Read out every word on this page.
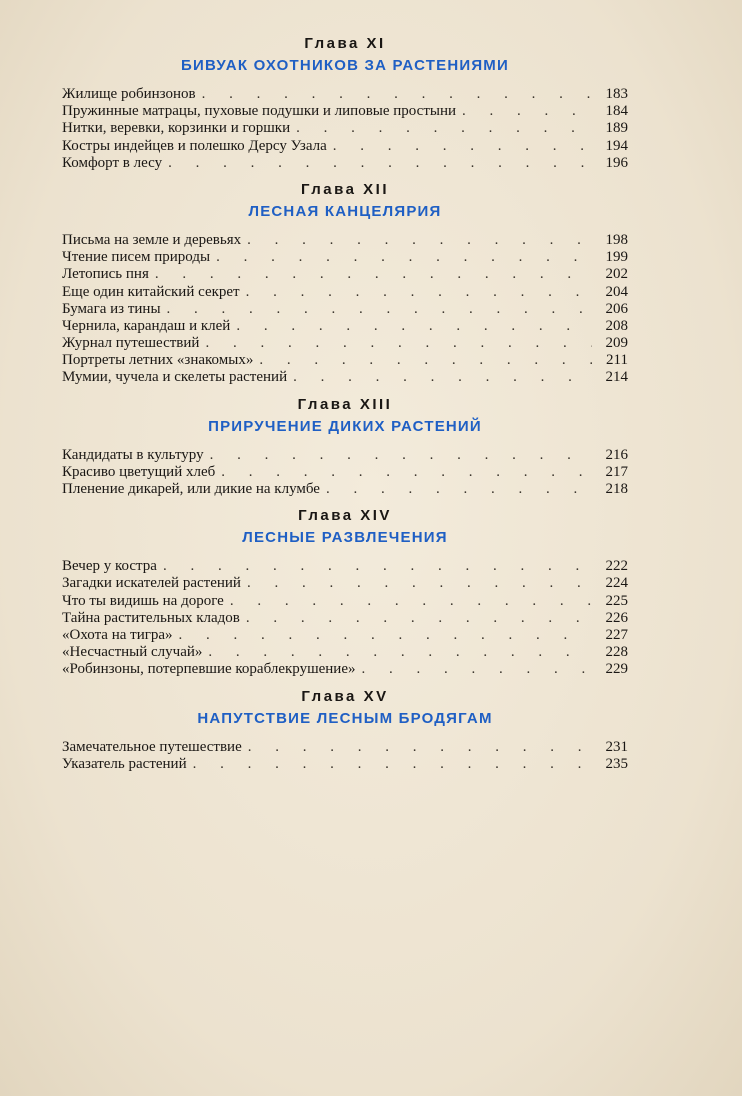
Глава XI
БИВУАК ОХОТНИКОВ ЗА РАСТЕНИЯМИ
Жилище робинзонов . . .	183
Пружинные матрацы, пуховые подушки и липовые простыни . . .	184
Нитки, веревки, корзинки и горшки . . .	189
Костры индейцев и полешко Дерсу Узала . . .	194
Комфорт в лесу . . .	196
Глава XII
ЛЕСНАЯ КАНЦЕЛЯРИЯ
Письма на земле и деревьях . . .	198
Чтение писем природы . . .	199
Летопись пня . . .	202
Еще один китайский секрет . . .	204
Бумага из тины . . .	206
Чернила, карандаш и клей . . .	208
Журнал путешествий . . .	209
Портреты летних «знакомых» . . .	211
Мумии, чучела и скелеты растений . . .	214
Глава XIII
ПРИРУЧЕНИЕ ДИКИХ РАСТЕНИЙ
Кандидаты в культуру . . .	216
Красиво цветущий хлеб . . .	217
Пленение дикарей, или дикие на клумбе . . .	218
Глава XIV
ЛЕСНЫЕ РАЗВЛЕЧЕНИЯ
Вечер у костра . . .	222
Загадки искателей растений . . .	224
Что ты видишь на дороге . . .	225
Тайна растительных кладов . . .	226
«Охота на тигра» . . .	227
«Несчастный случай» . . .	228
«Робинзоны, потерпевшие кораблекрушение» . . .	229
Глава XV
НАПУТСТВИЕ ЛЕСНЫМ БРОДЯГАМ
Замечательное путешествие . . .	231
Указатель растений . . .	235
